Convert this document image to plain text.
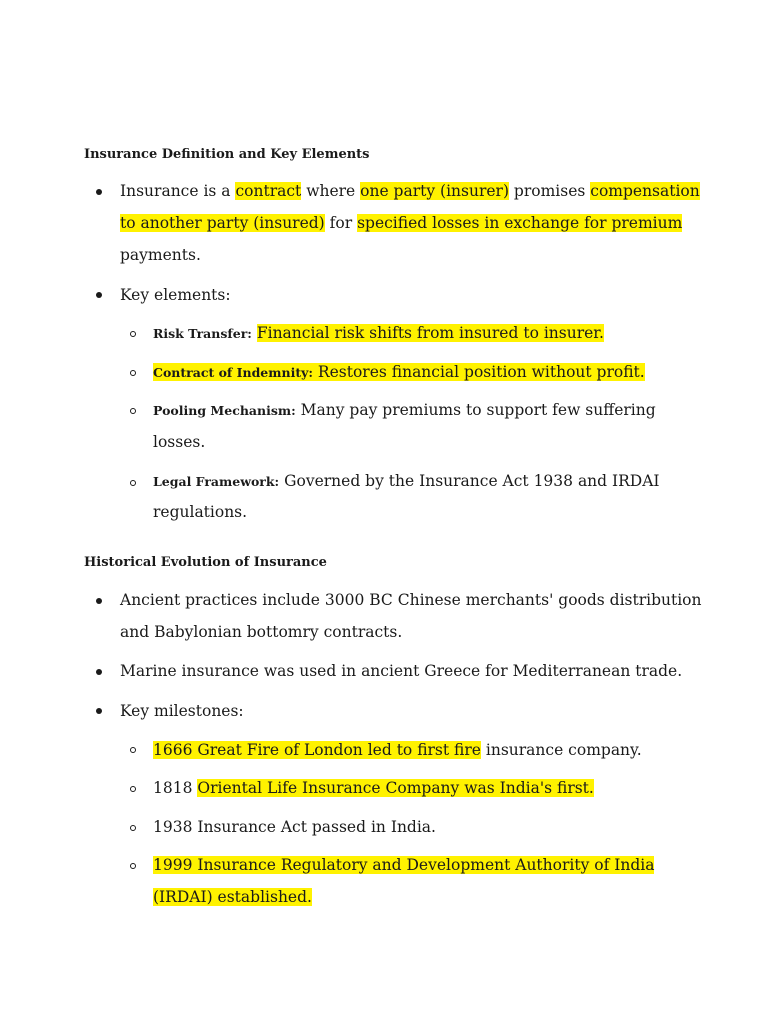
Insurance Definition and Key Elements
Insurance is a contract where one party (insurer) promises compensation
to another party (insured) for specified losses in exchange for premium
payments.
Key elements:
Risk Transfer: Financial risk shifts from insured to insurer.
Contract of Indemnity: Restores financial position without profit.
Pooling Mechanism: Many pay premiums to support few suffering
losses.
Legal Framework: Governed by the Insurance Act 1938 and IRDAI
regulations.
Historical Evolution of Insurance
Ancient practices include 3000 BC Chinese merchants' goods distribution
and Babylonian bottomry contracts.
Marine insurance was used in ancient Greece for Mediterranean trade.
Key milestones:
1666 Great Fire of London led to first fire insurance company.
1818 Oriental Life Insurance Company was India's first.
1938 Insurance Act passed in India.
1999 Insurance Regulatory and Development Authority of India
(IRDAI) established.
